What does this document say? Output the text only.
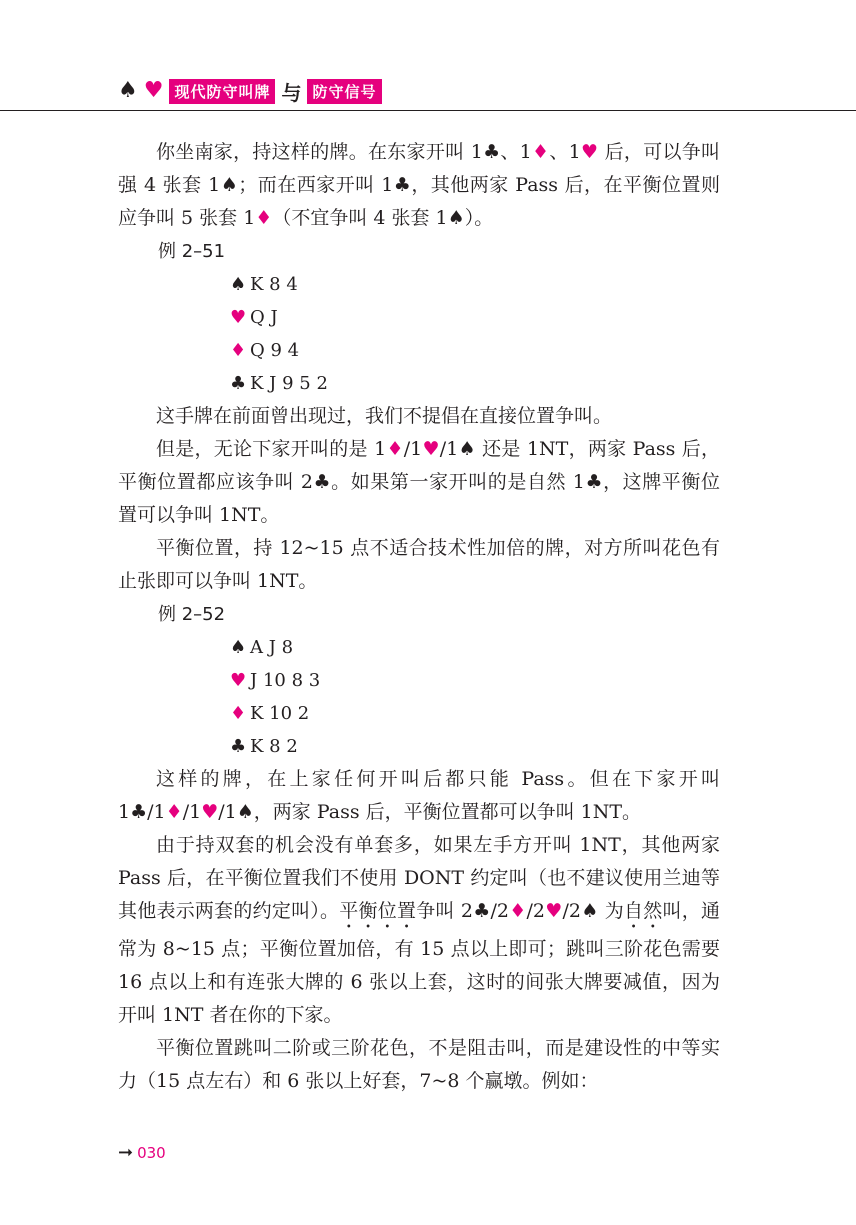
♠ ♥ 现代防守叫牌 与 防守信号

你坐南家，持这样的牌。在东家开叫 1♣、1♦、1♥ 后，可以争叫强 4 张套 1♠；而在西家开叫 1♣，其他两家 Pass 后，在平衡位置则应争叫 5 张套 1♦（不宜争叫 4 张套 1♠）。

例 2–51
♠ K 8 4
♥ Q J
♦ Q 9 4
♣ K J 9 5 2

这手牌在前面曾出现过，我们不提倡在直接位置争叫。

但是，无论下家开叫的是 1♦/1♥/1♠ 还是 1NT，两家 Pass 后，平衡位置都应该争叫 2♣。如果第一家开叫的是自然 1♣，这牌平衡位置可以争叫 1NT。

平衡位置，持 12~15 点不适合技术性加倍的牌，对方所叫花色有止张即可以争叫 1NT。

例 2–52
♠ A J 8
♥ J 10 8 3
♦ K 10 2
♣ K 8 2

这样的牌，在上家任何开叫后都只能 Pass。但在下家开叫 1♣/1♦/1♥/1♠，两家 Pass 后，平衡位置都可以争叫 1NT。

由于持双套的机会没有单套多，如果左手方开叫 1NT，其他两家 Pass 后，在平衡位置我们不使用 DONT 约定叫（也不建议使用兰迪等其他表示两套的约定叫）。平衡位置争叫 2♣/2♦/2♥/2♠ 为自然叫，通常为 8~15 点；平衡位置加倍，有 15 点以上即可；跳叫三阶花色需要 16 点以上和有连张大牌的 6 张以上套，这时的间张大牌要减值，因为开叫 1NT 者在你的下家。

平衡位置跳叫二阶或三阶花色，不是阻击叫，而是建设性的中等实力（15 点左右）和 6 张以上好套，7~8 个赢墩。例如：

➞ 030
